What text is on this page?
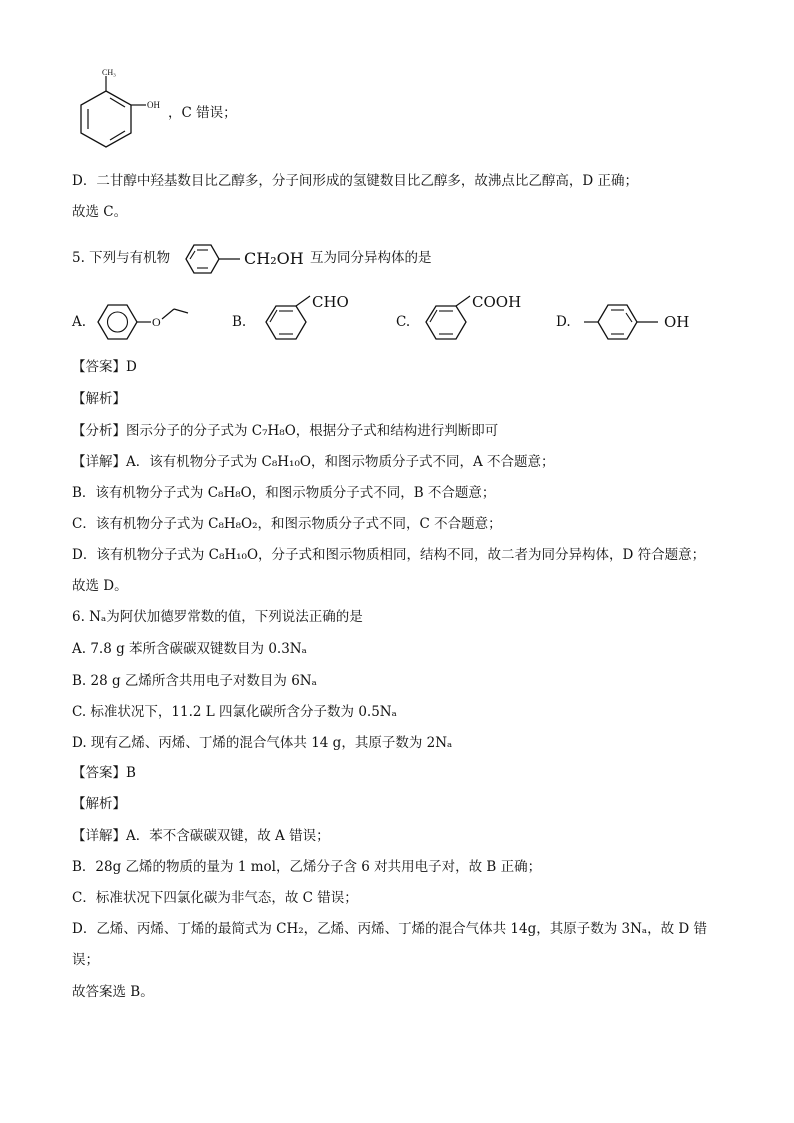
CH₃
OH ，C 错误；
D．二甘醇中羟基数目比乙醇多，分子间形成的氢键数目比乙醇多，故沸点比乙醇高，D 正确；
故选 C。
5. 下列与有机物	CH₂OH 互为同分异构体的是
A.	O	B.
CHO
C.
COOH
D.	OH
【答案】D
【解析】
【分析】图示分子的分子式为 C₇H₈O，根据分子式和结构进行判断即可
【详解】A．该有机物分子式为 C₈H₁₀O，和图示物质分子式不同，A 不合题意；
B．该有机物分子式为 C₈H₈O，和图示物质分子式不同，B 不合题意；
C．该有机物分子式为 C₈H₈O₂，和图示物质分子式不同，C 不合题意；
D．该有机物分子式为 C₈H₁₀O，分子式和图示物质相同，结构不同，故二者为同分异构体，D 符合题意；
故选 D。
6. Nₐ为阿伏加德罗常数的值，下列说法正确的是
A. 7.8 g 苯所含碳碳双键数目为 0.3Nₐ
B. 28 g 乙烯所含共用电子对数目为 6Nₐ
C. 标准状况下，11.2 L 四氯化碳所含分子数为 0.5Nₐ
D. 现有乙烯、丙烯、丁烯的混合气体共 14 g，其原子数为 2Nₐ
【答案】B
【解析】
【详解】A．苯不含碳碳双键，故 A 错误；
B．28g 乙烯的物质的量为 1 mol，乙烯分子含 6 对共用电子对，故 B 正确；
C．标准状况下四氯化碳为非气态，故 C 错误；
D．乙烯、丙烯、丁烯的最简式为 CH₂，乙烯、丙烯、丁烯的混合气体共 14g，其原子数为 3Nₐ，故 D 错
误；
故答案选 B。
